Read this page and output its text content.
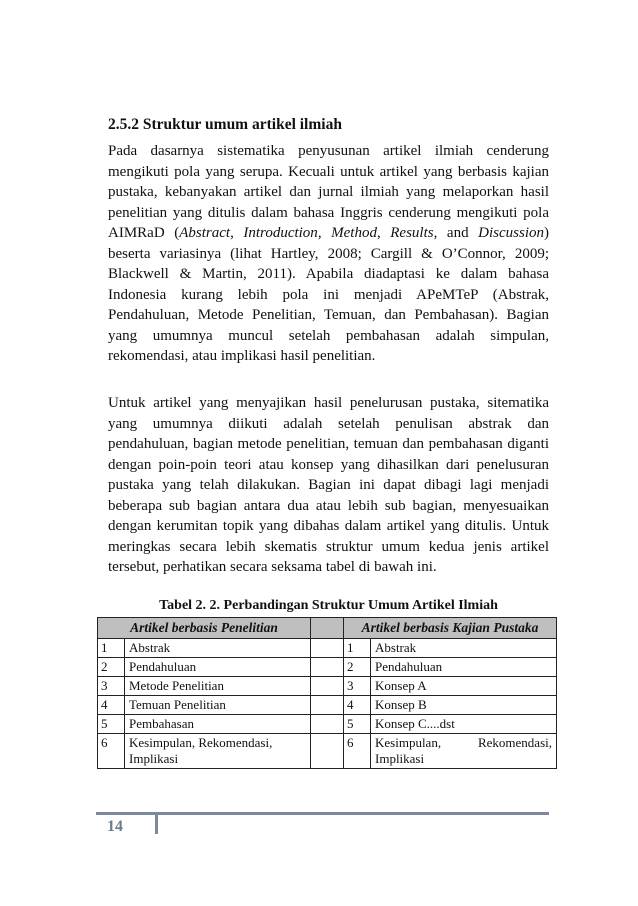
2.5.2 Struktur umum artikel ilmiah

Pada dasarnya sistematika penyusunan artikel ilmiah cenderung mengikuti pola yang serupa. Kecuali untuk artikel yang berbasis kajian pustaka, kebanyakan artikel dan jurnal ilmiah yang melaporkan hasil penelitian yang ditulis dalam bahasa Inggris cenderung mengikuti pola AIMRaD (Abstract, Introduction, Method, Results, and Discussion) beserta variasinya (lihat Hartley, 2008; Cargill & O’Connor, 2009; Blackwell & Martin, 2011). Apabila diadaptasi ke dalam bahasa Indonesia kurang lebih pola ini menjadi APeMTeP (Abstrak, Pendahuluan, Metode Penelitian, Temuan, dan Pembahasan). Bagian yang umumnya muncul setelah pembahasan adalah simpulan, rekomendasi, atau implikasi hasil penelitian.

Untuk artikel yang menyajikan hasil penelurusan pustaka, sitematika yang umumnya diikuti adalah setelah penulisan abstrak dan pendahuluan, bagian metode penelitian, temuan dan pembahasan diganti dengan poin-poin teori atau konsep yang dihasilkan dari penelusuran pustaka yang telah dilakukan. Bagian ini dapat dibagi lagi menjadi beberapa sub bagian antara dua atau lebih sub bagian, menyesuaikan dengan kerumitan topik yang dibahas dalam artikel yang ditulis. Untuk meringkas secara lebih skematis struktur umum kedua jenis artikel tersebut, perhatikan secara seksama tabel di bawah ini.

Tabel 2. 2. Perbandingan Struktur Umum Artikel Ilmiah
Artikel berbasis Penelitian			Artikel berbasis Kajian Pustaka	
1	Abstrak		1	Abstrak
2	Pendahuluan		2	Pendahuluan
3	Metode Penelitian		3	Konsep A
4	Temuan Penelitian		4	Konsep B
5	Pembahasan		5	Konsep C....dst
6	Kesimpulan, Rekomendasi, Implikasi		6	Kesimpulan, Rekomendasi, Implikasi
14
